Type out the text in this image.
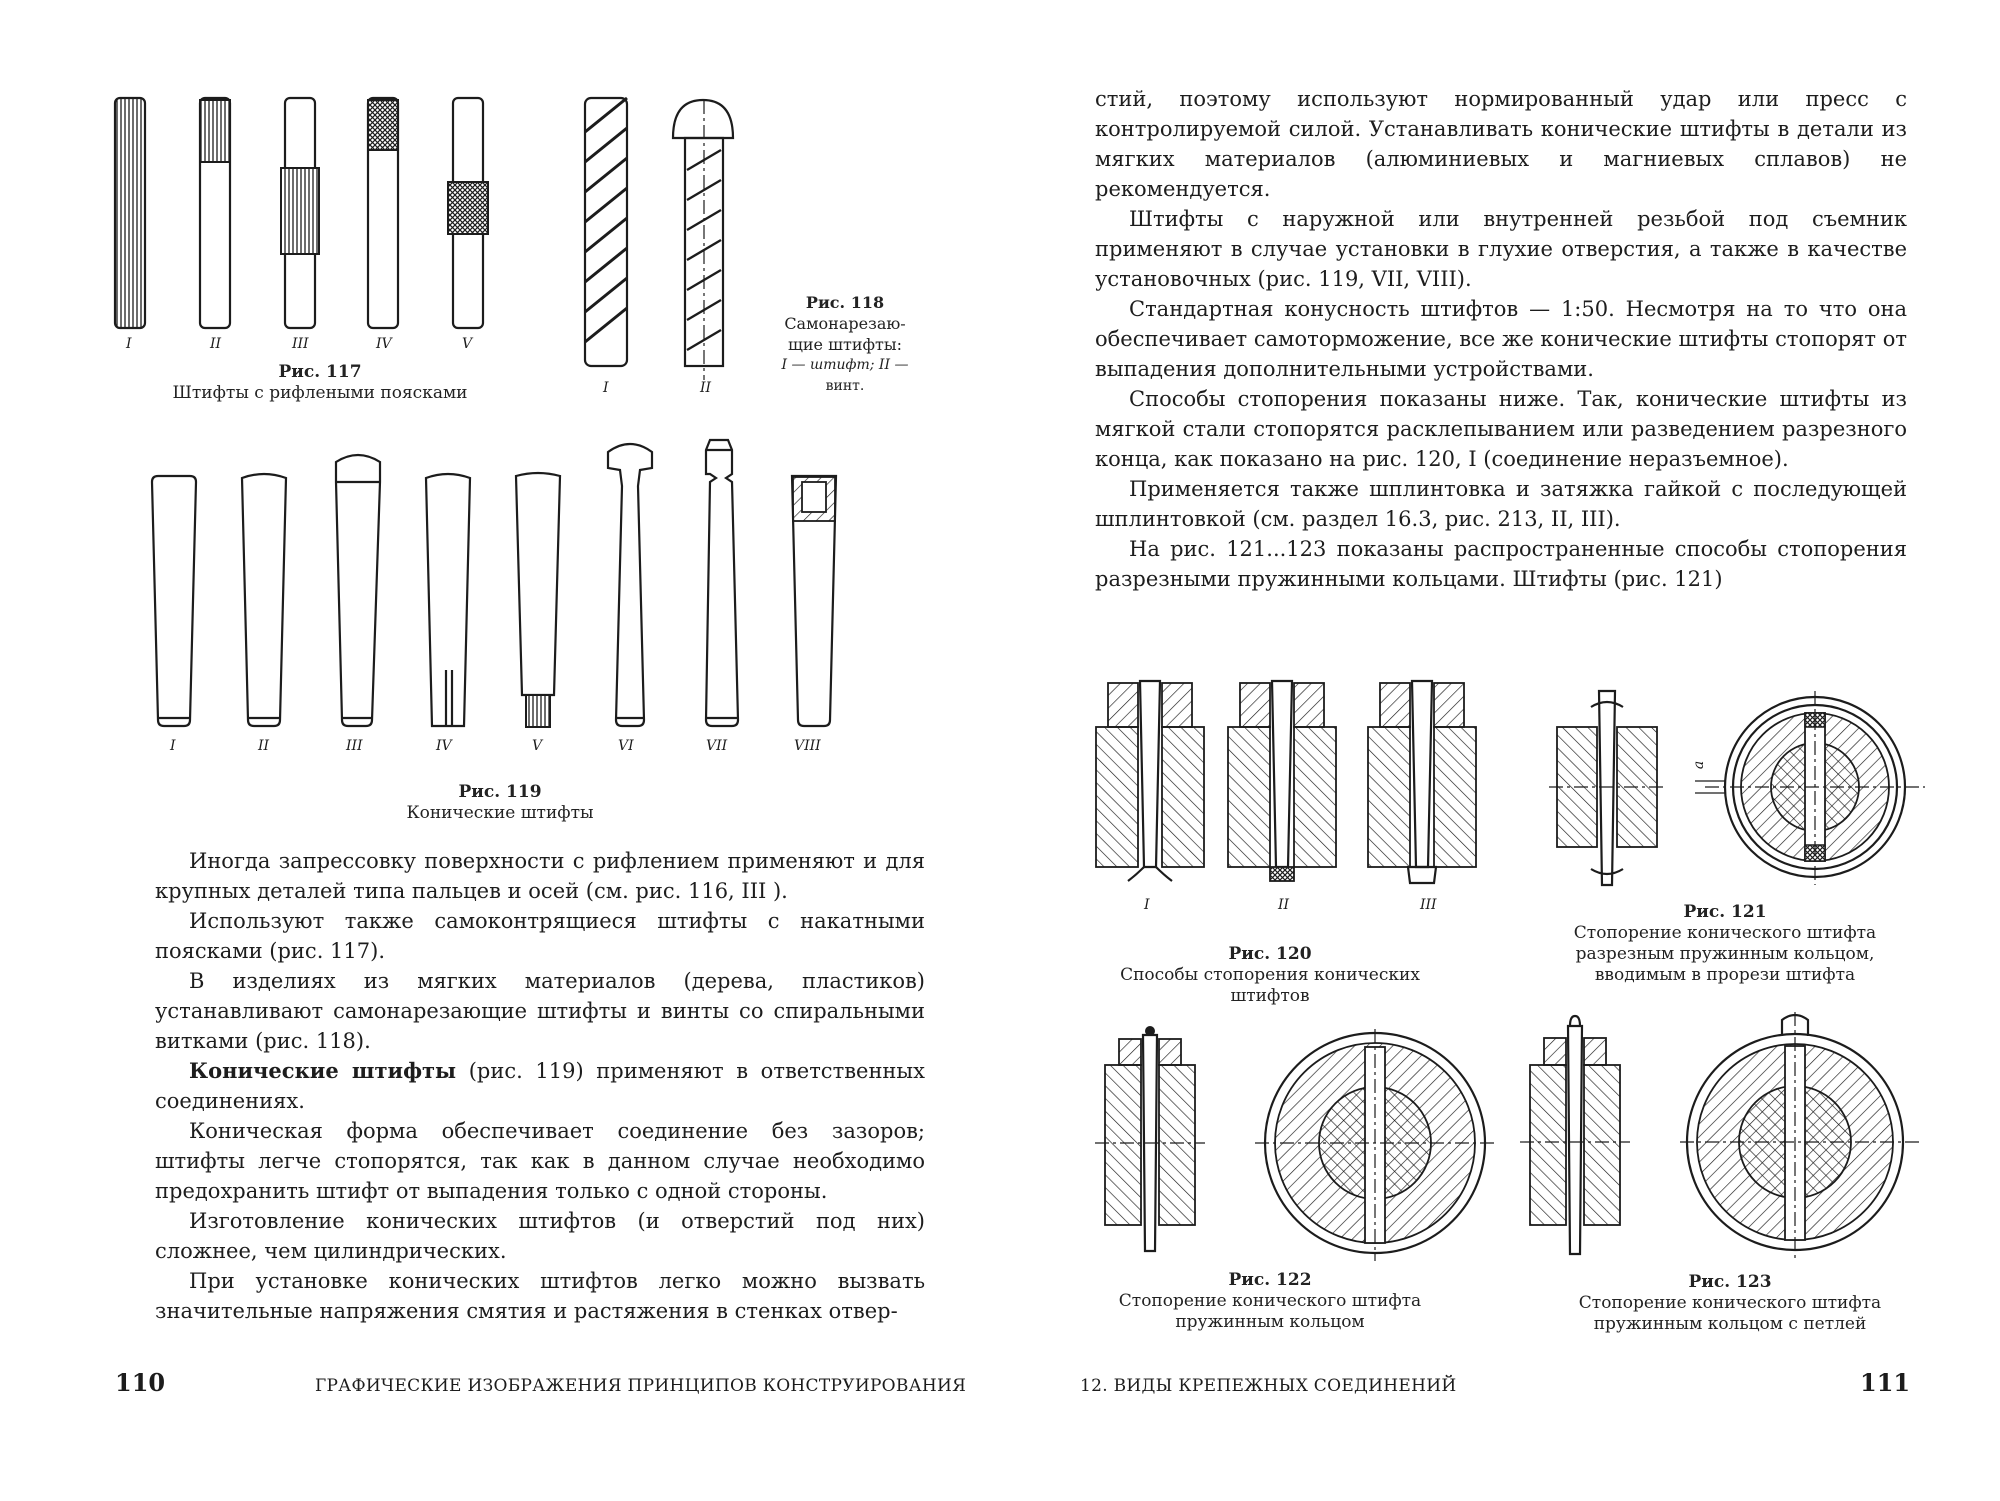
I	II	III	IV	V
Рис. 117
Штифты с рифлеными поясками	I	II
Рис. 118
Самонарезаю-
щие штифты:
I — штифт; II —
винт.
I	II	III	IV	V	VI	VII	VIII
Рис. 119
Конические штифты

Иногда запрессовку поверхности с рифлением применяют и для крупных деталей типа пальцев и осей (см. рис. 116, III ).

Используют также самоконтрящиеся штифты с накатными поясками (рис. 117).

В изделиях из мягких материалов (дерева, пластиков) устанавливают самонарезающие штифты и винты со спиральными витками (рис. 118).

Конические штифты (рис. 119) применяют в ответственных соединениях.

Коническая форма обеспечивает соединение без зазоров; штифты легче стопорятся, так как в данном случае необходимо предохранить штифт от выпадения только с одной стороны.

Изготовление конических штифтов (и отверстий под них) сложнее, чем цилиндрических.

При установке конических штифтов легко можно вызвать значительные напряжения смятия и растяжения в стенках отвер-

110	ГРАФИЧЕСКИЕ ИЗОБРАЖЕНИЯ ПРИНЦИПОВ КОНСТРУИРОВАНИЯ

стий, поэтому используют нормированный удар или пресс с контролируемой силой. Устанавливать конические штифты в детали из мягких материалов (алюминиевых и магниевых сплавов) не рекомендуется.

Штифты с наружной или внутренней резьбой под съемник применяют в случае установки в глухие отверстия, а также в качестве установочных (рис. 119, VII, VIII).

Стандартная конусность штифтов — 1:50. Несмотря на то что она обеспечивает самоторможение, все же конические штифты стопорят от выпадения дополнительными устройствами.

Способы стопорения показаны ниже. Так, конические штифты из мягкой стали стопорятся расклепыванием или разведением разрезного конца, как показано на рис. 120, I (соединение неразъемное).

Применяется также шплинтовка и затяжка гайкой с последующей шплинтовкой (см. раздел 16.3, рис. 213, II, III).

На рис. 121...123 показаны распространенные способы стопорения разрезными пружинными кольцами. Штифты (рис. 121)

I	II	III
Рис. 120
Способы стопорения конических
штифтов
a
Рис. 121
Стопорение конического штифта
разрезным пружинным кольцом,
вводимым в прорези штифта
Рис. 122
Стопорение конического штифта
пружинным кольцом
Рис. 123
Стопорение конического штифта
пружинным кольцом с петлей
12. ВИДЫ КРЕПЕЖНЫХ СОЕДИНЕНИЙ	111
